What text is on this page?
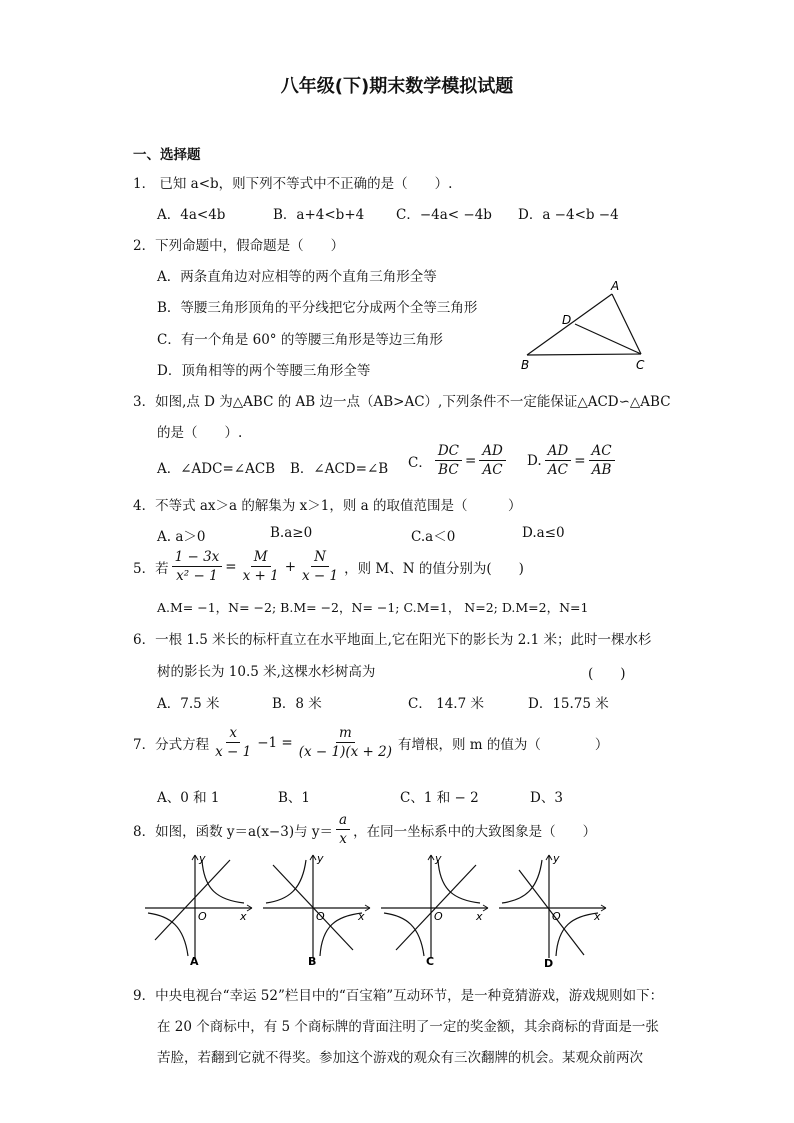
八年级(下)期末数学模拟试题
一、选择题
1． 已知 a<b，则下列不等式中不正确的是（　　）.
A．4a<4b	B．a+4<b+4 C．−4a< −4b D．a −4<b −4
2．下列命题中，假命题是（　　）
A．两条直角边对应相等的两个直角三角形全等
B．等腰三角形顶角的平分线把它分成两个全等三角形
C．有一个角是 60° 的等腰三角形是等边三角形
D．顶角相等的两个等腰三角形全等
A
D
B	C
3．如图,点 D 为△ABC 的 AB 边一点（AB>AC）,下列条件不一定能保证△ACD∽△ABC
的是（　　）.
A．∠ADC=∠ACB B．∠ACD=∠B C． $\frac{DC}{BC} = \frac{AD}{AC} D$. $\frac{AD}{AC} = \frac{AC}{AB}$
4．不等式 ax＞a 的解集为 x＞1，则 a 的取值范围是（　　　）
A. a＞0	B.a≥0	C.a＜0	D.a≤0
5．若 $\frac{1 - 3x}{\text{x² − 1}} = \frac{M}{x + 1} + \frac{N}{x - 1}$ ，则 M、N 的值分别为(　　)
A.M= −1，N= −2; B.M= −2，N= −1; C.M=1， N=2; D.M=2，N=1
6．一根 1.5 米长的标杆直立在水平地面上,它在阳光下的影长为 2.1 米；此时一棵水杉
树的影长为 10.5 米,这棵水杉树高为	(　　)
A．7.5 米	B．8 米	C． 14.7 米	D．15.75 米
7．分式方程 $\frac{x}{x - 1} -1 = \frac{m}{(x - 1)(x + 2)}$ 有增根，则 m 的值为（　　　　）
A、0 和 1	B、1	C、1 和 − 2	D、3
8．如图，函数 y＝a(x−3)与 $y= \frac{a}{x}$ ，在同一坐标系中的大致图象是（　　）
y
x
O
A
y
x
O
B
y
x
O
C
y
x
O
D
9．中央电视台“幸运 52”栏目中的“百宝箱”互动环节，是一种竟猜游戏，游戏规则如下：
在 20 个商标中，有 5 个商标牌的背面注明了一定的奖金额，其余商标的背面是一张
苦脸，若翻到它就不得奖。参加这个游戏的观众有三次翻牌的机会。某观众前两次
